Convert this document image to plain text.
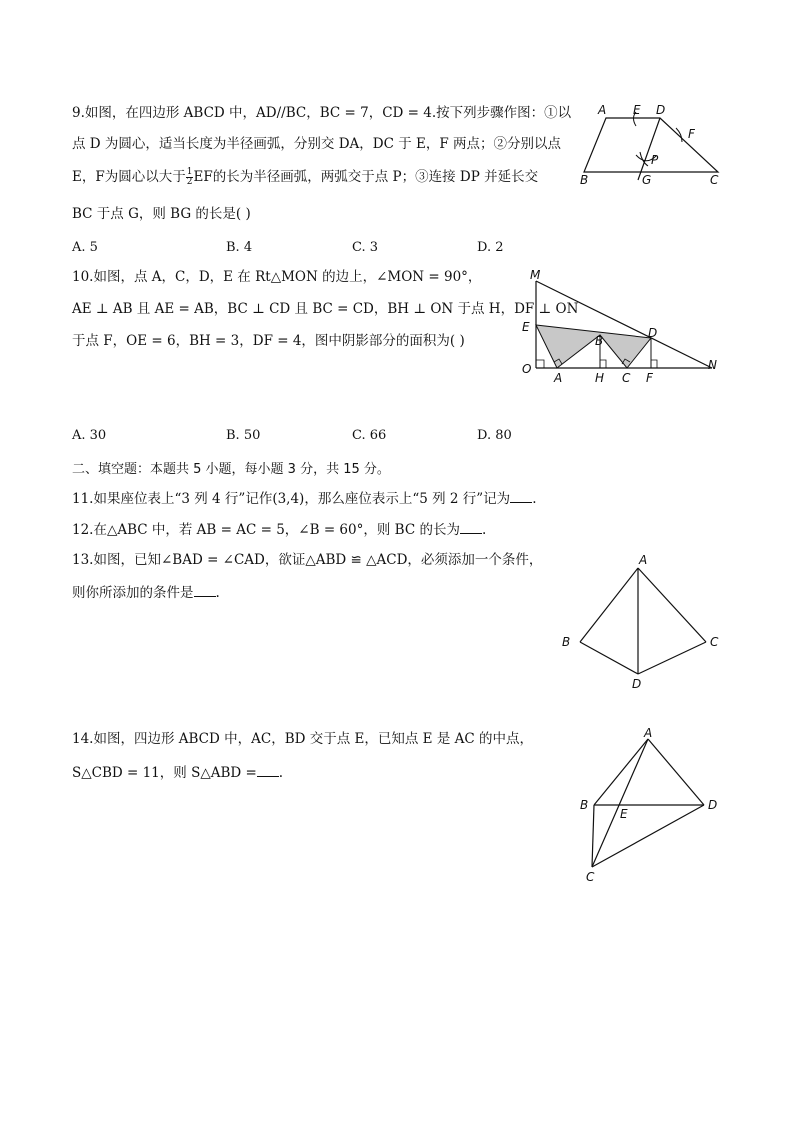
9.如图，在四边形 ABCD 中，AD//BC，BC = 7，CD = 4.按下列步骤作图：①以
点 D 为圆心，适当长度为半径画弧，分别交 DA，DC 于 E，F 两点；②分别以点
E，F为圆心以大于 $\frac{1}{2}$ EF的长为半径画弧，两弧交于点 P；③连接 DP 并延长交
BC 于点 G，则 BG 的长是( )
A. 5	B. 4	C. 3	D. 2
A E D
F
P
B	G	C
10.如图，点 A，C，D，E 在 Rt△MON 的边上，∠MON = 90°，
AE ⊥ AB 且 AE = AB，BC ⊥ CD 且 BC = CD，BH ⊥ ON 于点 H，DF ⊥ ON
于点 F，OE = 6，BH = 3，DF = 4，图中阴影部分的面积为( )
M
E	D
B
O
A	H C F
N
A. 30	B. 50	C. 66	D. 80
二、填空题：本题共 5 小题，每小题 3 分，共 15 分。
11.如果座位表上“3 列 4 行”记作(3,4)，那么座位表示上“5 列 2 行”记为 .
12.在△ABC 中，若 AB = AC = 5，∠B = 60°，则 BC 的长为 .
13.如图，已知∠BAD = ∠CAD，欲证△ABD ≌ △ACD，必须添加一个条件，
则你所添加的条件是 .
A
B	C
D
14.如图，四边形 ABCD 中，AC，BD 交于点 E，已知点 E 是 AC 的中点，
S△CBD = 11，则 S△ABD = .
A
B
E
D
C
